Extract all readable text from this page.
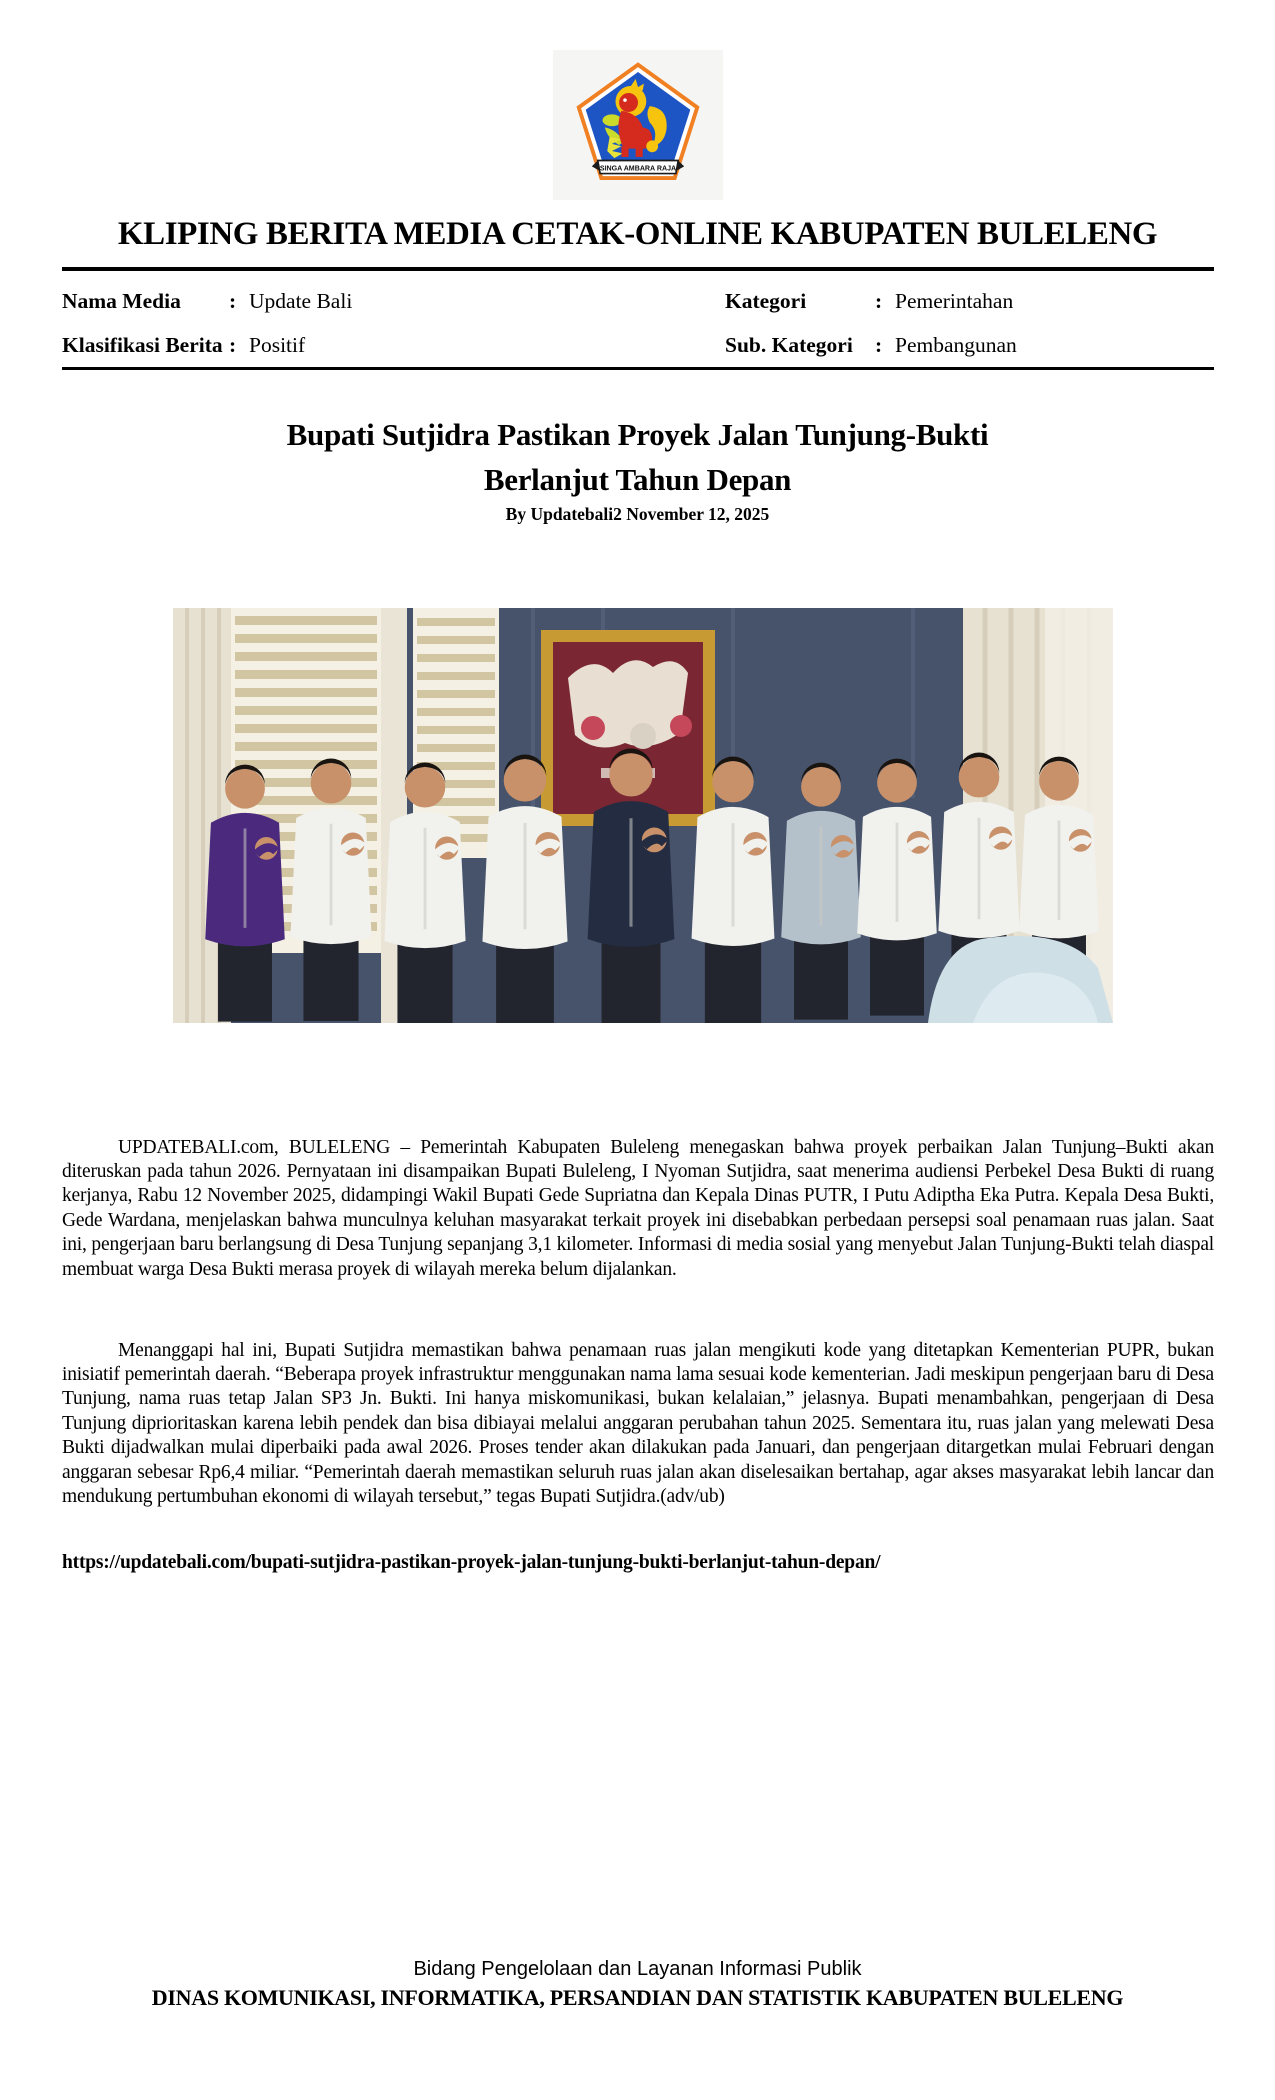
SINGA AMBARA RAJA
KLIPING BERITA MEDIA CETAK-ONLINE KABUPATEN BULELENG
Nama Media	: Update Bali	Kategori	: Pemerintahan
Klasifikasi Berita : Positif	Sub. Kategori	: Pembangunan
Bupati Sutjidra Pastikan Proyek Jalan Tunjung-Bukti
Berlanjut Tahun Depan
By Updatebali2 November 12, 2025

UPDATEBALI.com, BULELENG – Pemerintah Kabupaten Buleleng menegaskan bahwa proyek perbaikan Jalan Tunjung–Bukti akan diteruskan pada tahun 2026. Pernyataan ini disampaikan Bupati Buleleng, I Nyoman Sutjidra, saat menerima audiensi Perbekel Desa Bukti di ruang kerjanya, Rabu 12 November 2025, didampingi Wakil Bupati Gede Supriatna dan Kepala Dinas PUTR, I Putu Adiptha Eka Putra. Kepala Desa Bukti, Gede Wardana, menjelaskan bahwa munculnya keluhan masyarakat terkait proyek ini disebabkan perbedaan persepsi soal penamaan ruas jalan. Saat ini, pengerjaan baru berlangsung di Desa Tunjung sepanjang 3,1 kilometer. Informasi di media sosial yang menyebut Jalan Tunjung-Bukti telah diaspal membuat warga Desa Bukti merasa proyek di wilayah mereka belum dijalankan.

Menanggapi hal ini, Bupati Sutjidra memastikan bahwa penamaan ruas jalan mengikuti kode yang ditetapkan Kementerian PUPR, bukan inisiatif pemerintah daerah. “Beberapa proyek infrastruktur menggunakan nama lama sesuai kode kementerian. Jadi meskipun pengerjaan baru di Desa Tunjung, nama ruas tetap Jalan SP3 Jn. Bukti. Ini hanya miskomunikasi, bukan kelalaian,” jelasnya. Bupati menambahkan, pengerjaan di Desa Tunjung diprioritaskan karena lebih pendek dan bisa dibiayai melalui anggaran perubahan tahun 2025. Sementara itu, ruas jalan yang melewati Desa Bukti dijadwalkan mulai diperbaiki pada awal 2026. Proses tender akan dilakukan pada Januari, dan pengerjaan ditargetkan mulai Februari dengan anggaran sebesar Rp6,4 miliar. “Pemerintah daerah memastikan seluruh ruas jalan akan diselesaikan bertahap, agar akses masyarakat lebih lancar dan mendukung pertumbuhan ekonomi di wilayah tersebut,” tegas Bupati Sutjidra.(adv/ub)

https://updatebali.com/bupati-sutjidra-pastikan-proyek-jalan-tunjung-bukti-berlanjut-tahun-depan/
Bidang Pengelolaan dan Layanan Informasi Publik
DINAS KOMUNIKASI, INFORMATIKA, PERSANDIAN DAN STATISTIK KABUPATEN BULELENG
